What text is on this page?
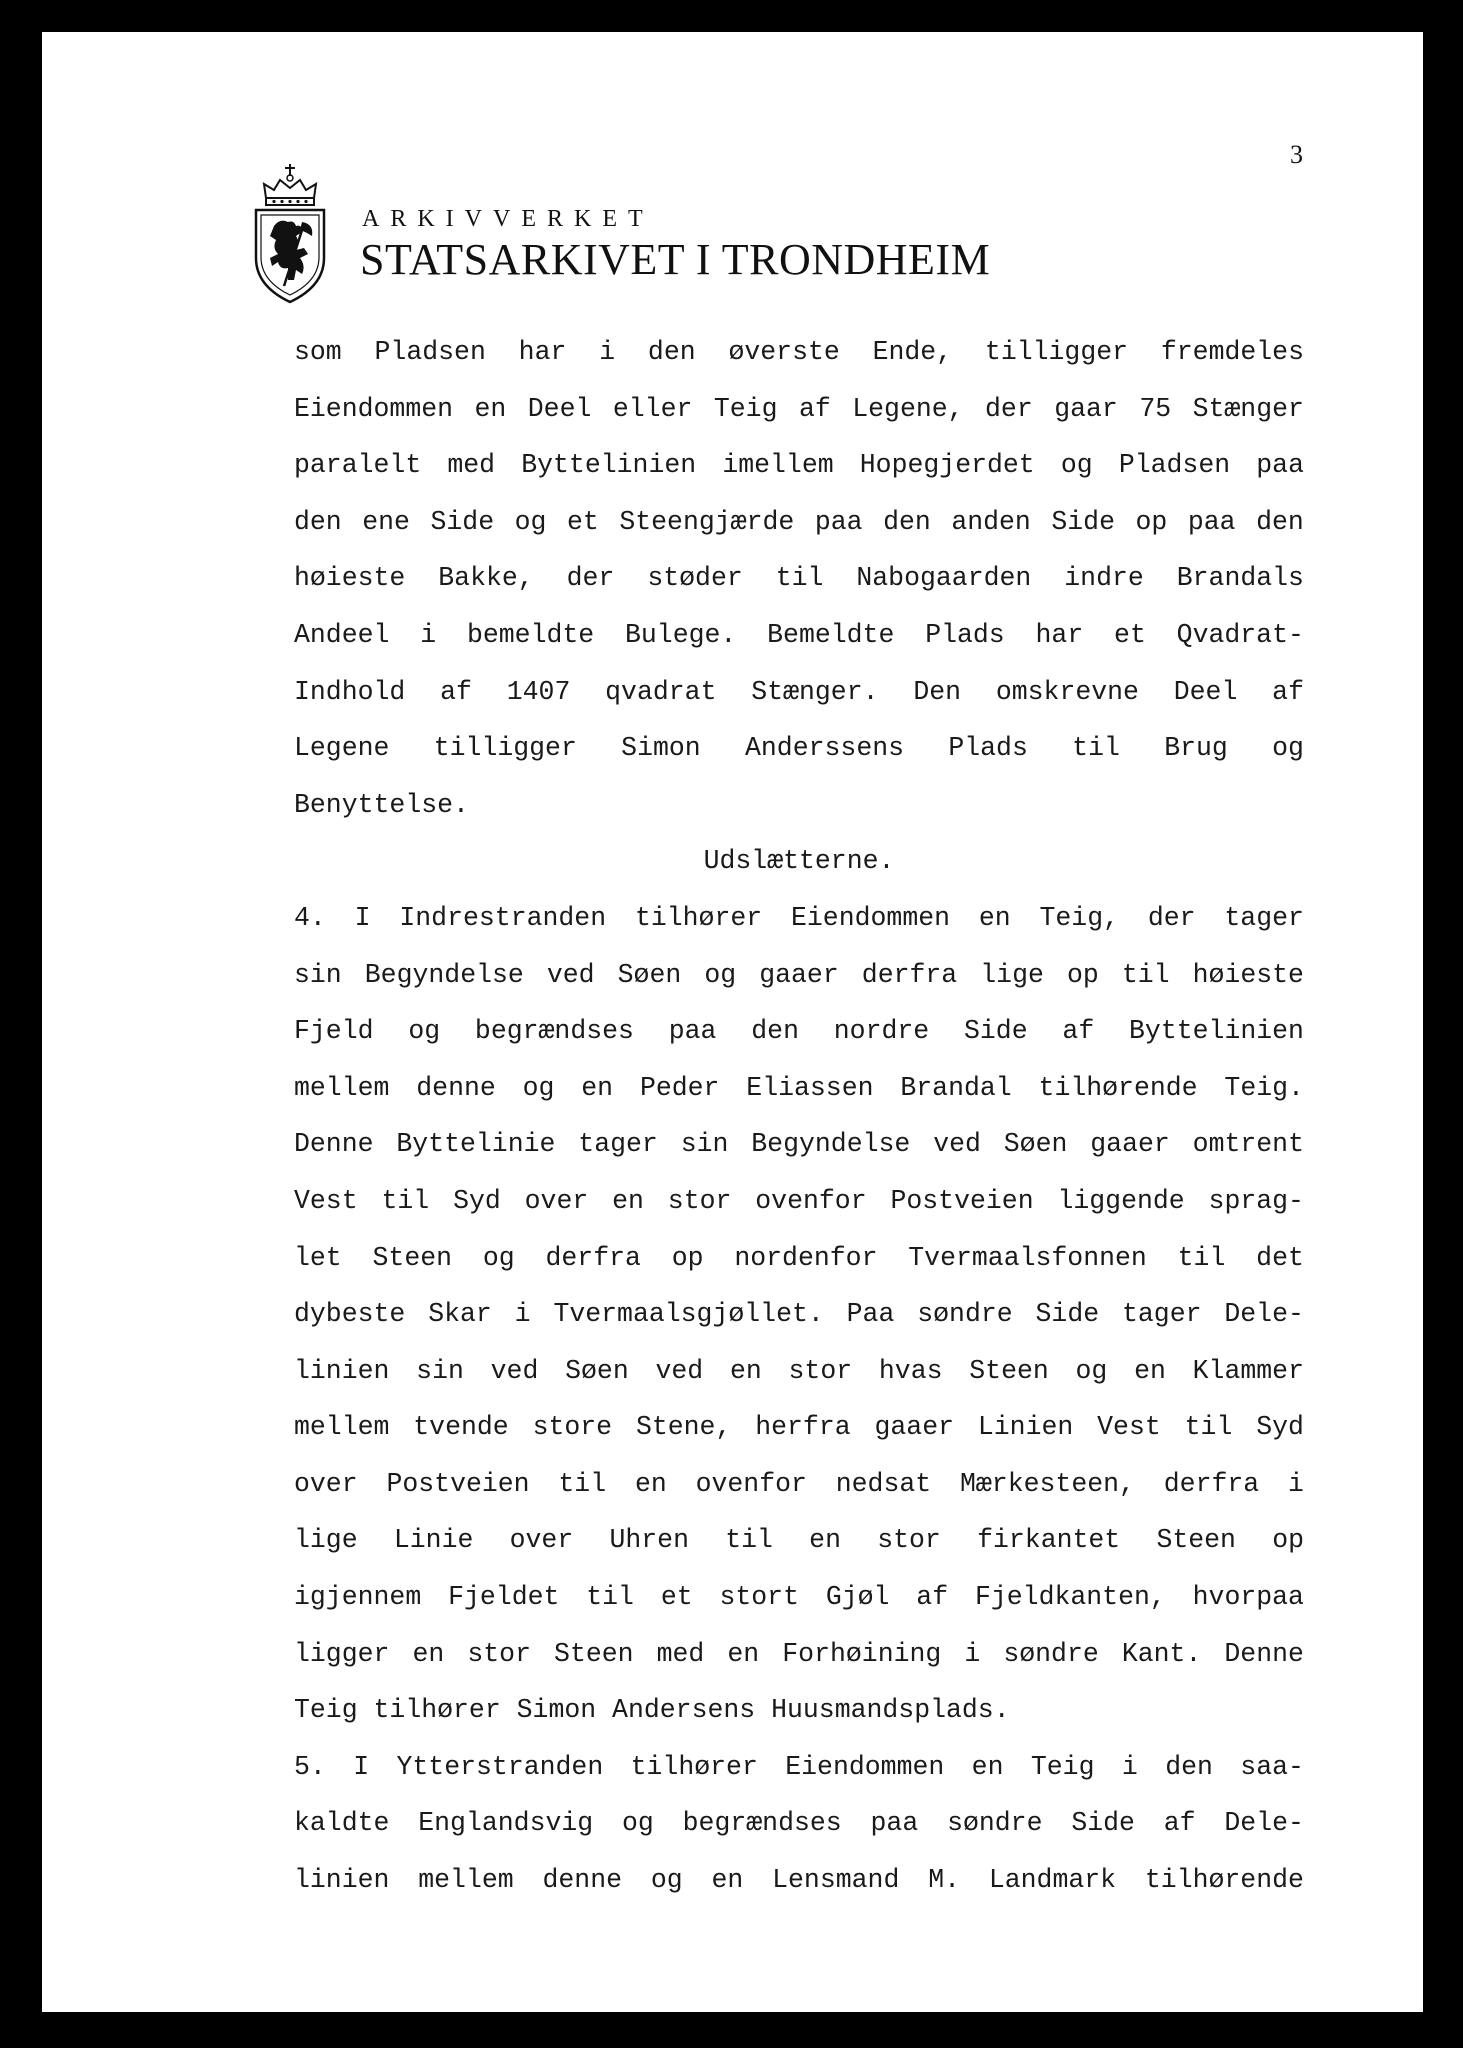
3
ARKIVVERKET
STATSARKIVET I TRONDHEIM
som Pladsen har i den øverste Ende, tilligger fremdeles
Eiendommen en Deel eller Teig af Legene, der gaar 75 Stænger
paralelt med Byttelinien imellem Hopegjerdet og Pladsen paa
den ene Side og et Steengjærde paa den anden Side op paa den
høieste Bakke, der støder til Nabogaarden indre Brandals
Andeel i bemeldte Bulege. Bemeldte Plads har et Qvadrat-
Indhold af 1407 qvadrat Stænger. Den omskrevne Deel af
Legene tilligger Simon Anderssens Plads til Brug og
Benyttelse.
Udslætterne.
4. I Indrestranden tilhører Eiendommen en Teig, der tager
sin Begyndelse ved Søen og gaaer derfra lige op til høieste
Fjeld og begrændses paa den nordre Side af Byttelinien
mellem denne og en Peder Eliassen Brandal tilhørende Teig.
Denne Byttelinie tager sin Begyndelse ved Søen gaaer omtrent
Vest til Syd over en stor ovenfor Postveien liggende sprag-
let Steen og derfra op nordenfor Tvermaalsfonnen til det
dybeste Skar i Tvermaalsgjøllet. Paa søndre Side tager Dele-
linien sin ved Søen ved en stor hvas Steen og en Klammer
mellem tvende store Stene, herfra gaaer Linien Vest til Syd
over Postveien til en ovenfor nedsat Mærkesteen, derfra i
lige Linie over Uhren til en stor firkantet Steen op
igjennem Fjeldet til et stort Gjøl af Fjeldkanten, hvorpaa
ligger en stor Steen med en Forhøining i søndre Kant. Denne
Teig tilhører Simon Andersens Huusmandsplads.
5. I Ytterstranden tilhører Eiendommen en Teig i den saa-
kaldte Englandsvig og begrændses paa søndre Side af Dele-
linien mellem denne og en Lensmand M. Landmark tilhørende
